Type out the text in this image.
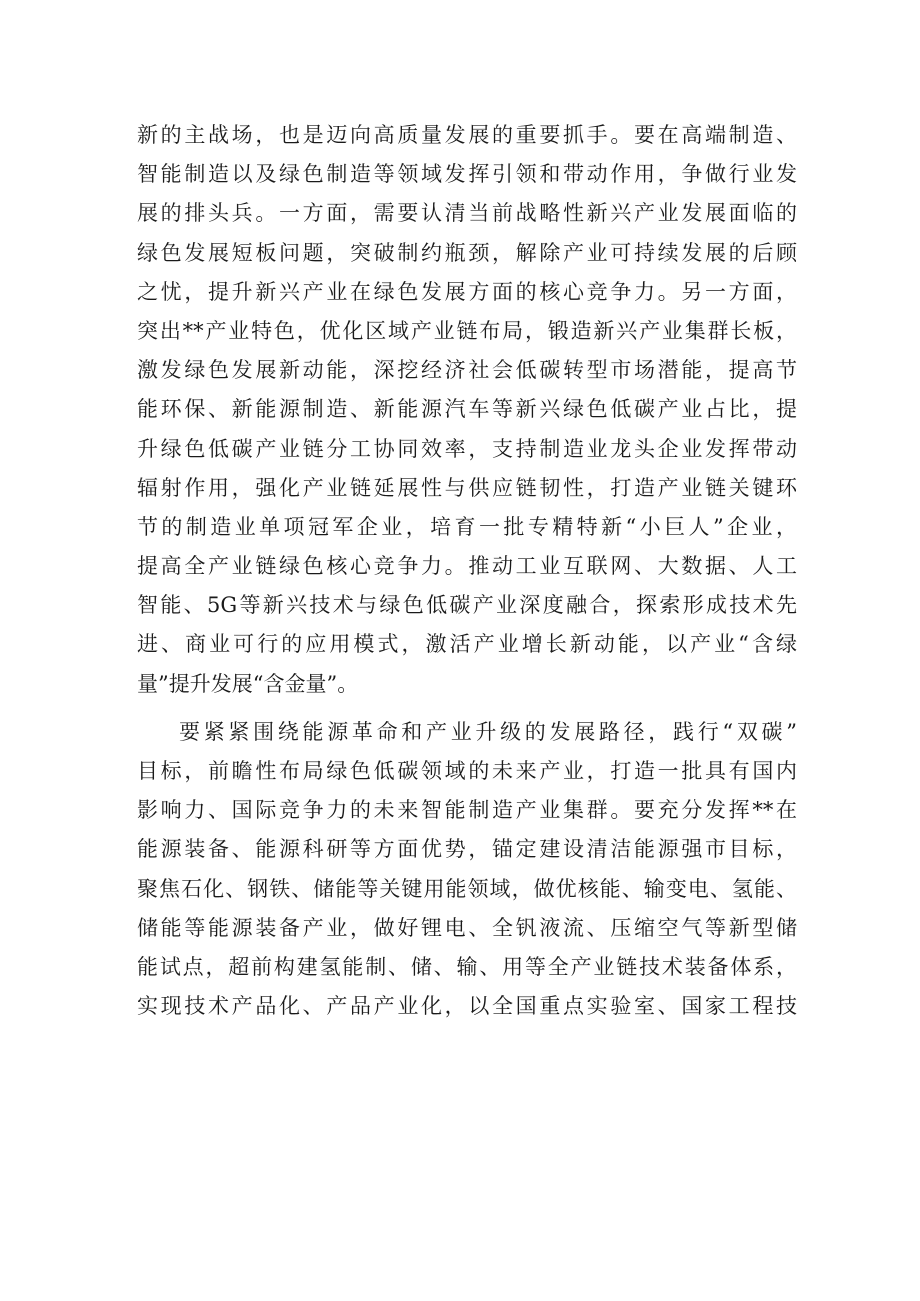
新的主战场，也是迈向高质量发展的重要抓手。要在高端制造、
智能制造以及绿色制造等领域发挥引领和带动作用，争做行业发
展的排头兵。一方面，需要认清当前战略性新兴产业发展面临的
绿色发展短板问题，突破制约瓶颈，解除产业可持续发展的后顾
之忧，提升新兴产业在绿色发展方面的核心竞争力。另一方面，
突出**产业特色，优化区域产业链布局，锻造新兴产业集群长板，
激发绿色发展新动能，深挖经济社会低碳转型市场潜能，提高节
能环保、新能源制造、新能源汽车等新兴绿色低碳产业占比，提
升绿色低碳产业链分工协同效率，支持制造业龙头企业发挥带动
辐射作用，强化产业链延展性与供应链韧性，打造产业链关键环
节的制造业单项冠军企业，培育一批专精特新“小巨人”企业，
提高全产业链绿色核心竞争力。推动工业互联网、大数据、人工
智能、5G等新兴技术与绿色低碳产业深度融合，探索形成技术先
进、商业可行的应用模式，激活产业增长新动能，以产业“含绿
量”提升发展“含金量”。
要紧紧围绕能源革命和产业升级的发展路径，践行“双碳”
目标，前瞻性布局绿色低碳领域的未来产业，打造一批具有国内
影响力、国际竞争力的未来智能制造产业集群。要充分发挥**在
能源装备、能源科研等方面优势，锚定建设清洁能源强市目标，
聚焦石化、钢铁、储能等关键用能领域，做优核能、输变电、氢能、
储能等能源装备产业，做好锂电、全钒液流、压缩空气等新型储
能试点，超前构建氢能制、储、输、用等全产业链技术装备体系，
实现技术产品化、产品产业化，以全国重点实验室、国家工程技
